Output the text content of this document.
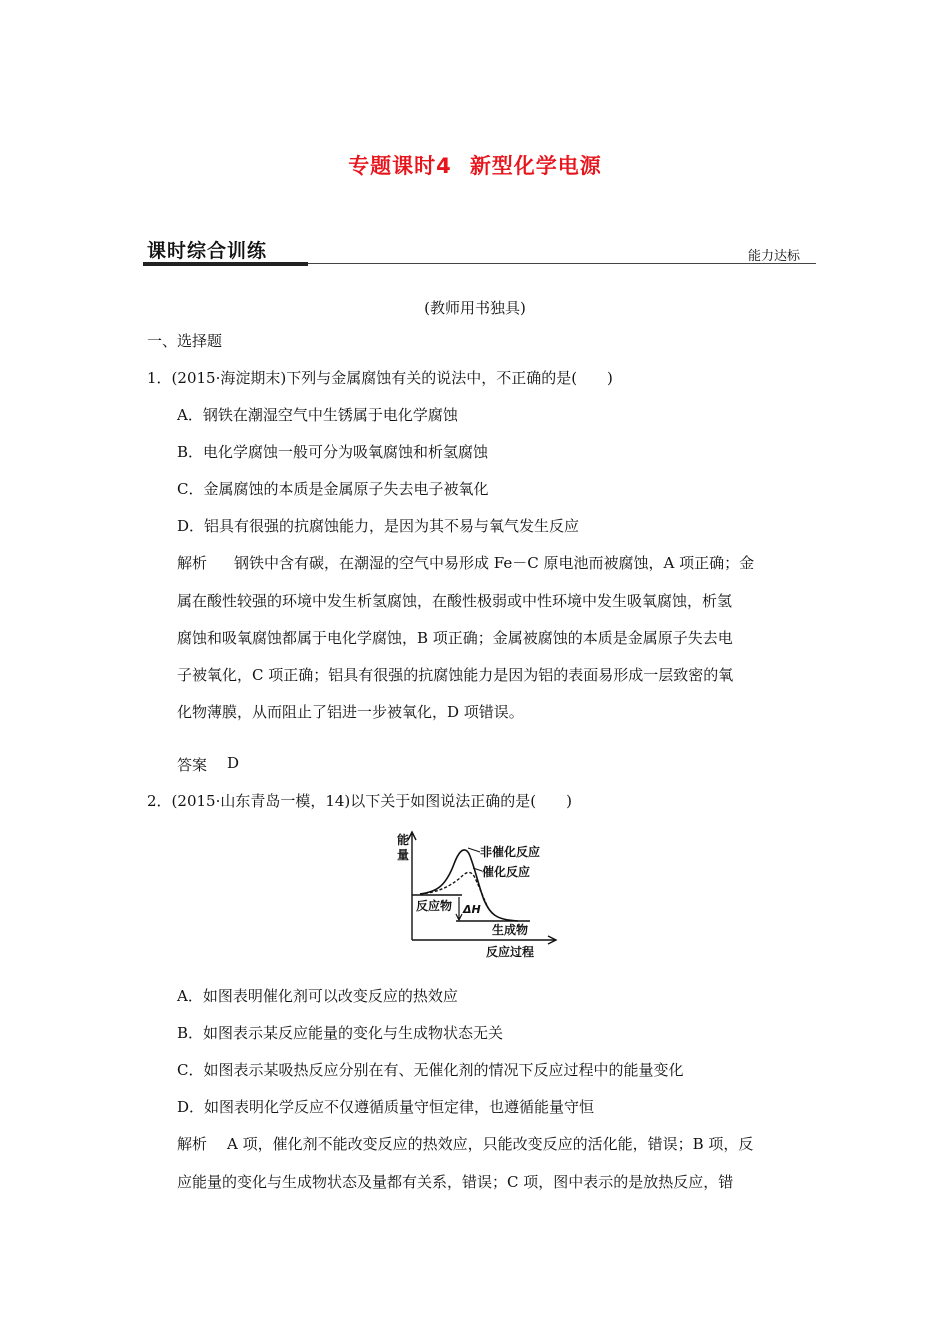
专题课时4 新型化学电源
课时综合训练	能力达标
(教师用书独具)
一、选择题
1．(2015·海淀期末)下列与金属腐蚀有关的说法中，不正确的是(　　)
A．钢铁在潮湿空气中生锈属于电化学腐蚀
B．电化学腐蚀一般可分为吸氧腐蚀和析氢腐蚀
C．金属腐蚀的本质是金属原子失去电子被氧化
D．铝具有很强的抗腐蚀能力，是因为其不易与氧气发生反应
解析 钢铁中含有碳，在潮湿的空气中易形成 Fe－C 原电池而被腐蚀，A 项正确；金
属在酸性较强的环境中发生析氢腐蚀，在酸性极弱或中性环境中发生吸氧腐蚀，析氢
腐蚀和吸氧腐蚀都属于电化学腐蚀，B 项正确；金属被腐蚀的本质是金属原子失去电
子被氧化，C 项正确；铝具有很强的抗腐蚀能力是因为铝的表面易形成一层致密的氧
化物薄膜，从而阻止了铝进一步被氧化，D 项错误。
答案 D
2．(2015·山东青岛一模，14)以下关于如图说法正确的是(　　)
能
量	非催化反应
催化反应
反应物 ΔH
生成物
反应过程
A．如图表明催化剂可以改变反应的热效应
B．如图表示某反应能量的变化与生成物状态无关
C．如图表示某吸热反应分别在有、无催化剂的情况下反应过程中的能量变化
D．如图表明化学反应不仅遵循质量守恒定律，也遵循能量守恒
解析 A 项，催化剂不能改变反应的热效应，只能改变反应的活化能，错误；B 项，反
应能量的变化与生成物状态及量都有关系，错误；C 项，图中表示的是放热反应，错
